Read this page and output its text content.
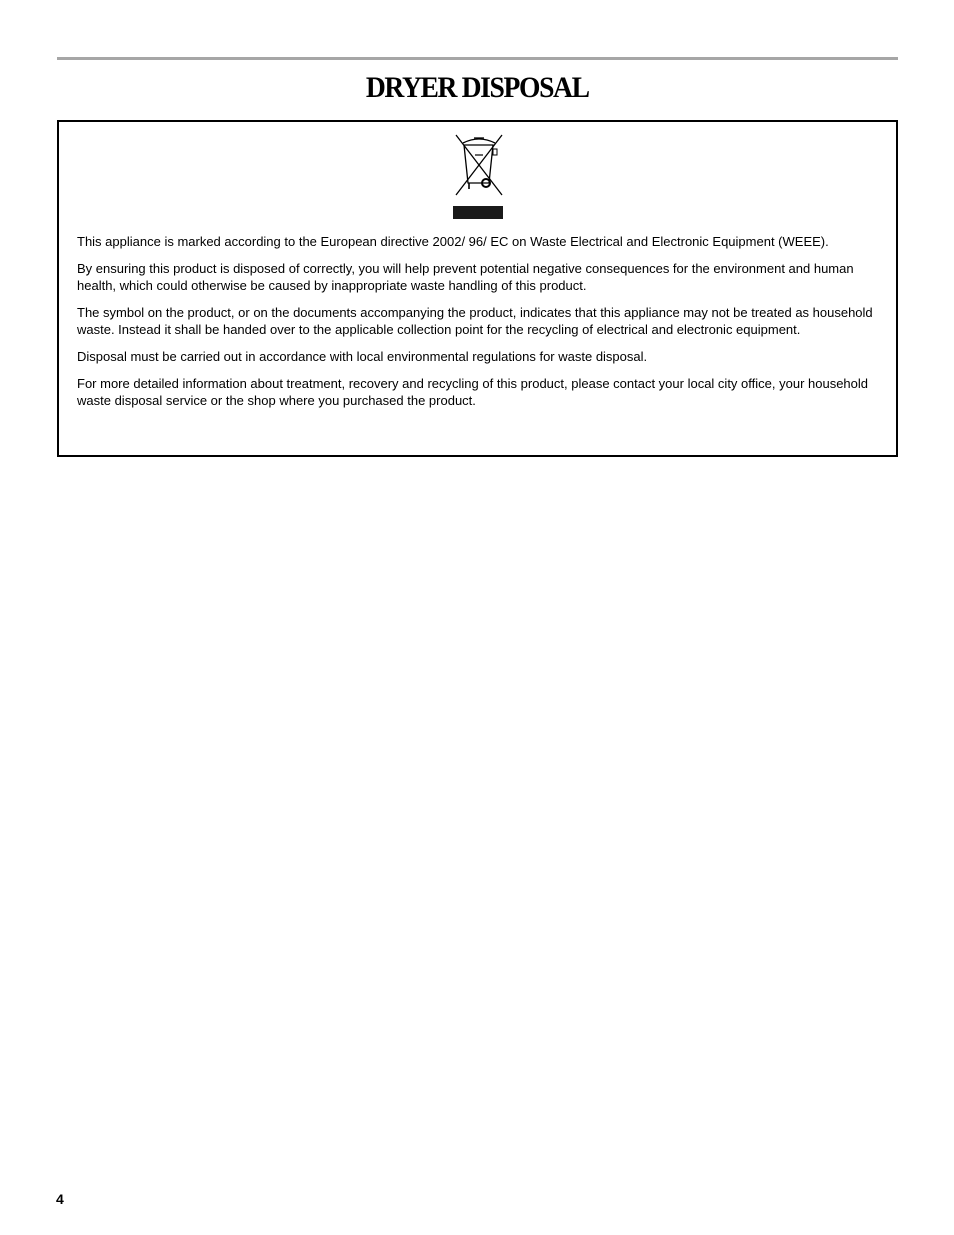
DRYER DISPOSAL

This appliance is marked according to the European directive 2002/ 96/ EC on Waste Electrical and Electronic Equipment (WEEE).

By ensuring this product is disposed of correctly, you will help prevent potential negative consequences for the environment and human health, which could otherwise be caused by inappropriate waste handling of this product.

The symbol on the product, or on the documents accompanying the product, indicates that this appliance may not be treated as household waste. Instead it shall be handed over to the applicable collection point for the recycling of electrical and electronic equipment.

Disposal must be carried out in accordance with local environmental regulations for waste disposal.

For more detailed information about treatment, recovery and recycling of this product, please contact your local city office, your household waste disposal service or the shop where you purchased the product.

4
